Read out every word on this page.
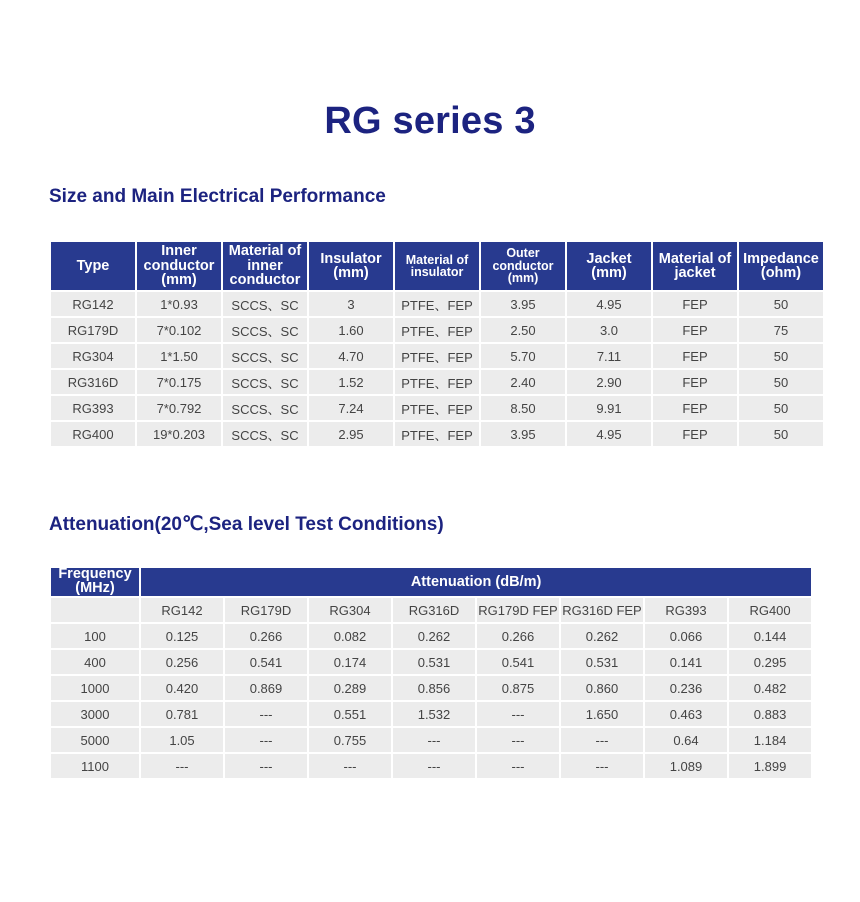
RG series 3
Size and Main Electrical Performance
Type	Inner conductor (mm)	Material of inner conductor	Insulator (mm)	Material of insulator	Outer conductor (mm)	Jacket (mm)	Material of jacket	Impedance (ohm)
RG142	1*0.93	SCCS、SC	3	PTFE、FEP	3.95	4.95	FEP	50
RG179D	7*0.102	SCCS、SC	1.60	PTFE、FEP	2.50	3.0	FEP	75
RG304	1*1.50	SCCS、SC	4.70	PTFE、FEP	5.70	7.11	FEP	50
RG316D	7*0.175	SCCS、SC	1.52	PTFE、FEP	2.40	2.90	FEP	50
RG393	7*0.792	SCCS、SC	7.24	PTFE、FEP	8.50	9.91	FEP	50
RG400	19*0.203	SCCS、SC	2.95	PTFE、FEP	3.95	4.95	FEP	50
Attenuation(20℃,Sea level Test Conditions)
Frequency (MHz)	Attenuation (dB/m)							
	RG142	RG179D	RG304	RG316D	RG179D FEP	RG316D FEP	RG393	RG400
100	0.125	0.266	0.082	0.262	0.266	0.262	0.066	0.144
400	0.256	0.541	0.174	0.531	0.541	0.531	0.141	0.295
1000	0.420	0.869	0.289	0.856	0.875	0.860	0.236	0.482
3000	0.781	---	0.551	1.532	---	1.650	0.463	0.883
5000	1.05	---	0.755	---	---	---	0.64	1.184
1100	---	---	---	---	---	---	1.089	1.899
